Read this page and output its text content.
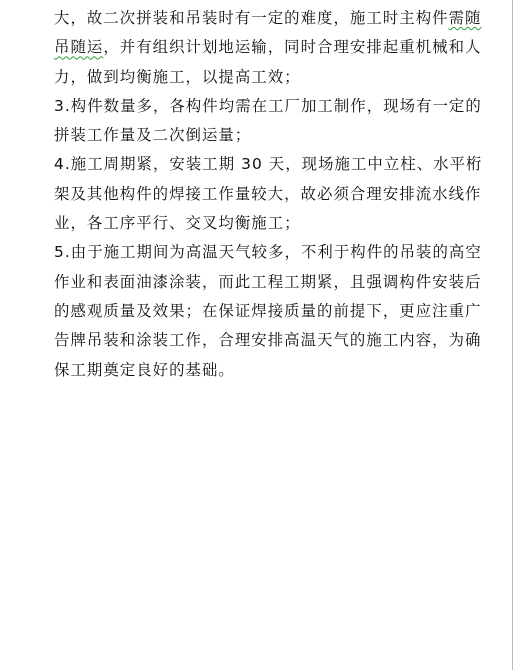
大，故二次拼装和吊装时有一定的难度，施工时主构件需随
吊随运，并有组织计划地运输，同时合理安排起重机械和人
力，做到均衡施工，以提高工效；
3.构件数量多，各构件均需在工厂加工制作，现场有一定的
拼装工作量及二次倒运量；
4.施工周期紧，安装工期 30 天，现场施工中立柱、水平桁
架及其他构件的焊接工作量较大，故必须合理安排流水线作
业，各工序平行、交叉均衡施工；
5.由于施工期间为高温天气较多，不利于构件的吊装的高空
作业和表面油漆涂装，而此工程工期紧，且强调构件安装后
的感观质量及效果；在保证焊接质量的前提下，更应注重广
告牌吊装和涂装工作，合理安排高温天气的施工内容，为确
保工期奠定良好的基础。
